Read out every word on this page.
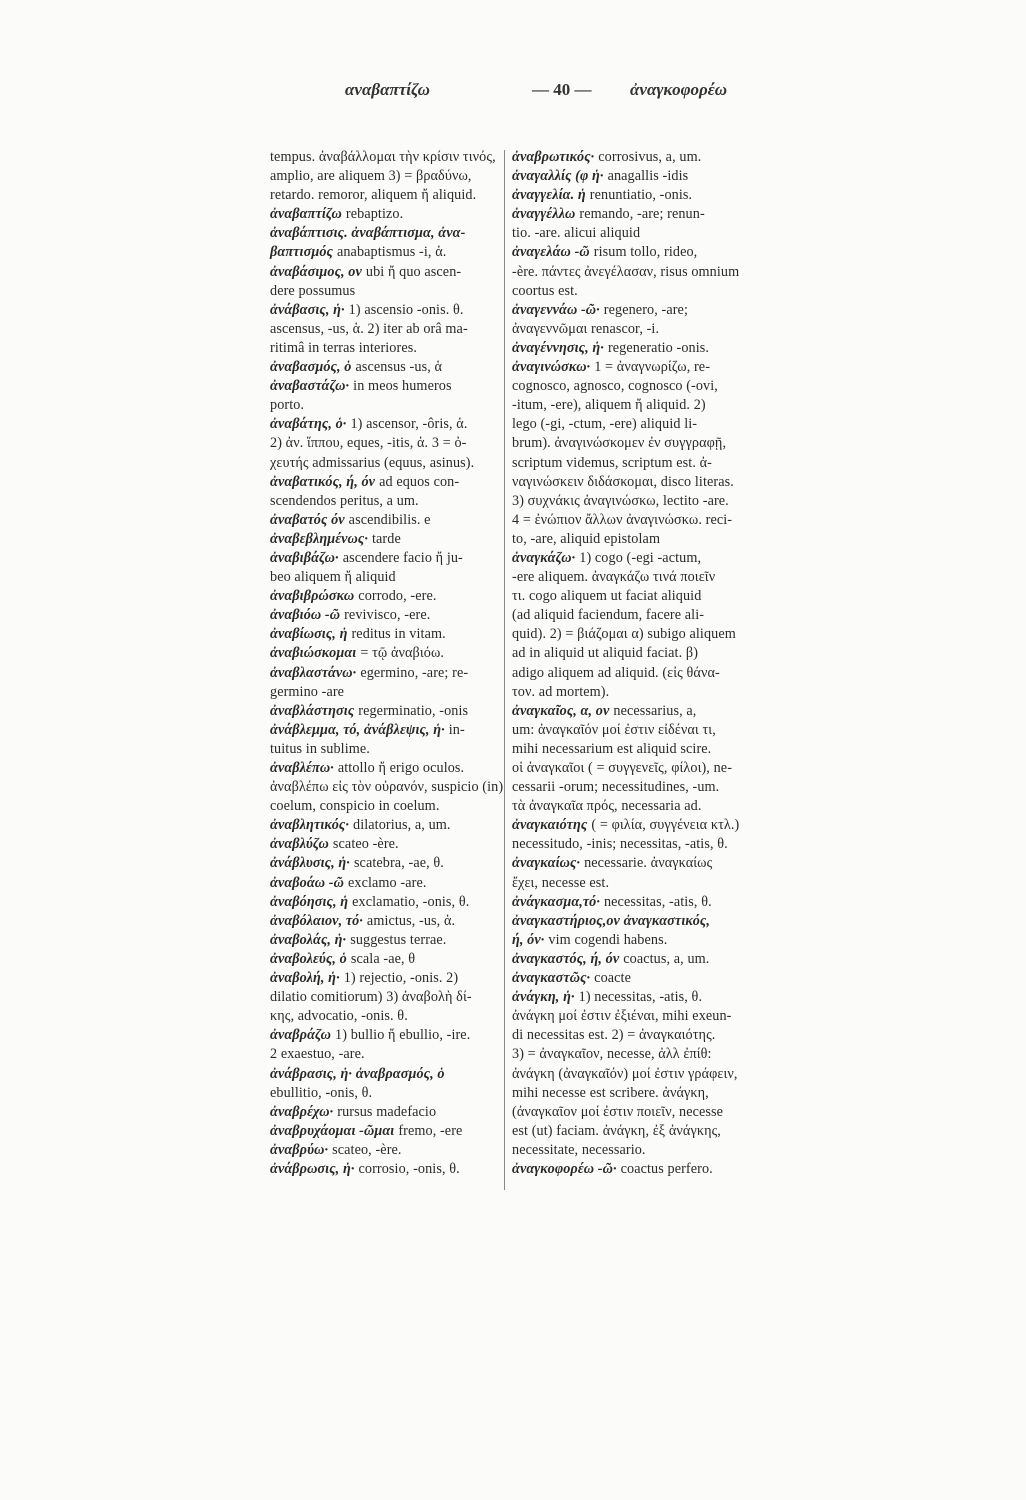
αναβαπτίζω	— 40 — ἀναγκοφορέω
tempus. ἀναβάλλομαι τὴν κρίσιν τινός,
amplio, are aliquem 3) = βραδύνω,
retardo. remoror, aliquem ἤ aliquid.
ἀναβαπτίζω rebaptizo.
ἀναβάπτισις. ἀναβάπτισμα, ἀνα-
βαπτισμός anabaptismus -i, ἁ.
ἀναβάσιμος, ον ubi ἤ quo ascen-
dere possumus
ἀνάβασις, ἡ· 1) ascensio -onis. θ.
ascensus, -us, ἁ. 2) iter ab orâ ma-
ritimâ in terras interiores.
ἀναβασμός, ὁ ascensus -us, ἁ
ἀναβαστάζω· in meos humeros
porto.
ἀναβάτης, ὁ· 1) ascensor, -ôris, ἁ.
2) ἀν. ἵππου, eques, -itis, ἁ. 3 = ὀ-
χευτής admissarius (equus, asinus).
ἀναβατικός, ή, όν ad equos con-
scendendos peritus, a um.
ἀναβατός όν ascendibilis. e
ἀναβεβλημένως· tarde
ἀναβιβάζω· ascendere facio ἤ ju-
beo aliquem ἤ aliquid
ἀναβιβρώσκω corrodo, -ere.
ἀναβιόω -ῶ revivisco, -ere.
ἀναβίωσις, ἡ reditus in vitam.
ἀναβιώσκομαι = τῷ ἀναβιόω.
ἀναβλαστάνω· egermino, -are; re-
germino -are
ἀναβλάστησις regerminatio, -onis
ἀνάβλεμμα, τό, ἀνάβλεψις, ἡ· in-
tuitus in sublime.
ἀναβλέπω· attollo ἤ erigo oculos.
ἀναβλέπω εἰς τὸν οὐρανόν, suspicio (in)
coelum, conspicio in coelum.
ἀναβλητικός· dilatorius, a, um.
ἀναβλύζω scateo -ère.
ἀνάβλυσις, ἡ· scatebra, -ae, θ.
ἀναβοάω -ῶ exclamo -are.
ἀναβόησις, ἡ exclamatio, -onis, θ.
ἀναβόλαιον, τό· amictus, -us, ἁ.
ἀναβολάς, ἡ· suggestus terrae.
ἀναβολεύς, ὁ scala -ae, θ
ἀναβολή, ἡ· 1) rejectio, -onis. 2)
dilatio comitiorum) 3) ἀναβολὴ δί-
κης, advocatio, -onis. θ.
ἀναβράζω 1) bullio ἤ ebullio, -ire.
2 exaestuo, -are.
ἀνάβρασις, ἡ· ἀναβρασμός, ὁ
ebullitio, -onis, θ.
ἀναβρέχω· rursus madefacio
ἀναβρυχάομαι -ῶμαι fremo, -ere
ἀναβρύω· scateo, -ère.
ἀνάβρωσις, ἡ· corrosio, -onis, θ.
ἀναβρωτικός· corrosivus, a, um.
ἀναγαλλίς (φ ἡ· anagallis -idis
ἀναγγελία. ἡ renuntiatio, -onis.
ἀναγγέλλω remando, -are; renun-
tio. -are. alicui aliquid
ἀναγελάω -ῶ risum tollo, rideo,
-ère. πάντες ἀνεγέλασαν, risus omnium
coortus est.
ἀναγεννάω -ῶ· regenero, -are;
ἀναγεννῶμαι renascor, -i.
ἀναγέννησις, ἡ· regeneratio -onis.
ἀναγινώσκω· 1 = ἀναγνωρίζω, re-
cognosco, agnosco, cognosco (-ovi,
-itum, -ere), aliquem ἤ aliquid. 2)
lego (-gi, -ctum, -ere) aliquid li-
brum). ἀναγινώσκομεν ἐν συγγραφῇ,
scriptum videmus, scriptum est. ἀ-
ναγινώσκειν διδάσκομαι, disco literas.
3) συχνάκις ἀναγινώσκω, lectito -are.
4 = ἐνώπιον ἄλλων ἀναγινώσκω. reci-
to, -are, aliquid epistolam
ἀναγκάζω· 1) cogo (-egi -actum,
-ere aliquem. ἀναγκάζω τινά ποιεῖν
τι. cogo aliquem ut faciat aliquid
(ad aliquid faciendum, facere ali-
quid). 2) = βιάζομαι α) subigo aliquem
ad in aliquid ut aliquid faciat. β)
adigo aliquem ad aliquid. (εἰς θάνα-
τον. ad mortem).
ἀναγκαῖος, α, ον necessarius, a,
um: ἀναγκαῖόν μοί ἐστιν εἰδέναι τι,
mihi necessarium est aliquid scire.
οἱ ἀναγκαῖοι ( = συγγενεῖς, φίλοι), ne-
cessarii -orum; necessitudines, -um.
τὰ ἀναγκαῖα πρός, necessaria ad.
ἀναγκαιότης ( = φιλία, συγγένεια κτλ.)
necessitudo, -inis; necessitas, -atis, θ.
ἀναγκαίως· necessarie. ἀναγκαίως
ἔχει, necesse est.
ἀνάγκασμα,τό· necessitas, -atis, θ.
ἀναγκαστήριος,ον ἀναγκαστικός,
ή, όν· vim cogendi habens.
ἀναγκαστός, ή, όν coactus, a, um.
ἀναγκαστῶς· coacte
ἀνάγκη, ἡ· 1) necessitas, -atis, θ.
ἀνάγκη μοί ἐστιν ἐξιέναι, mihi exeun-
di necessitas est. 2) = ἀναγκαιότης.
3) = ἀναγκαῖον, necesse, ἀλλ ἐπίθ:
ἀνάγκη (ἀναγκαῖόν) μοί ἐστιν γράφειν,
mihi necesse est scribere. ἀνάγκη,
(ἀναγκαῖον μοί ἐστιν ποιεῖν, necesse
est (ut) faciam. ἀνάγκη, ἐξ ἀνάγκης,
necessitate, necessario.
ἀναγκοφορέω -ῶ· coactus perfero.
